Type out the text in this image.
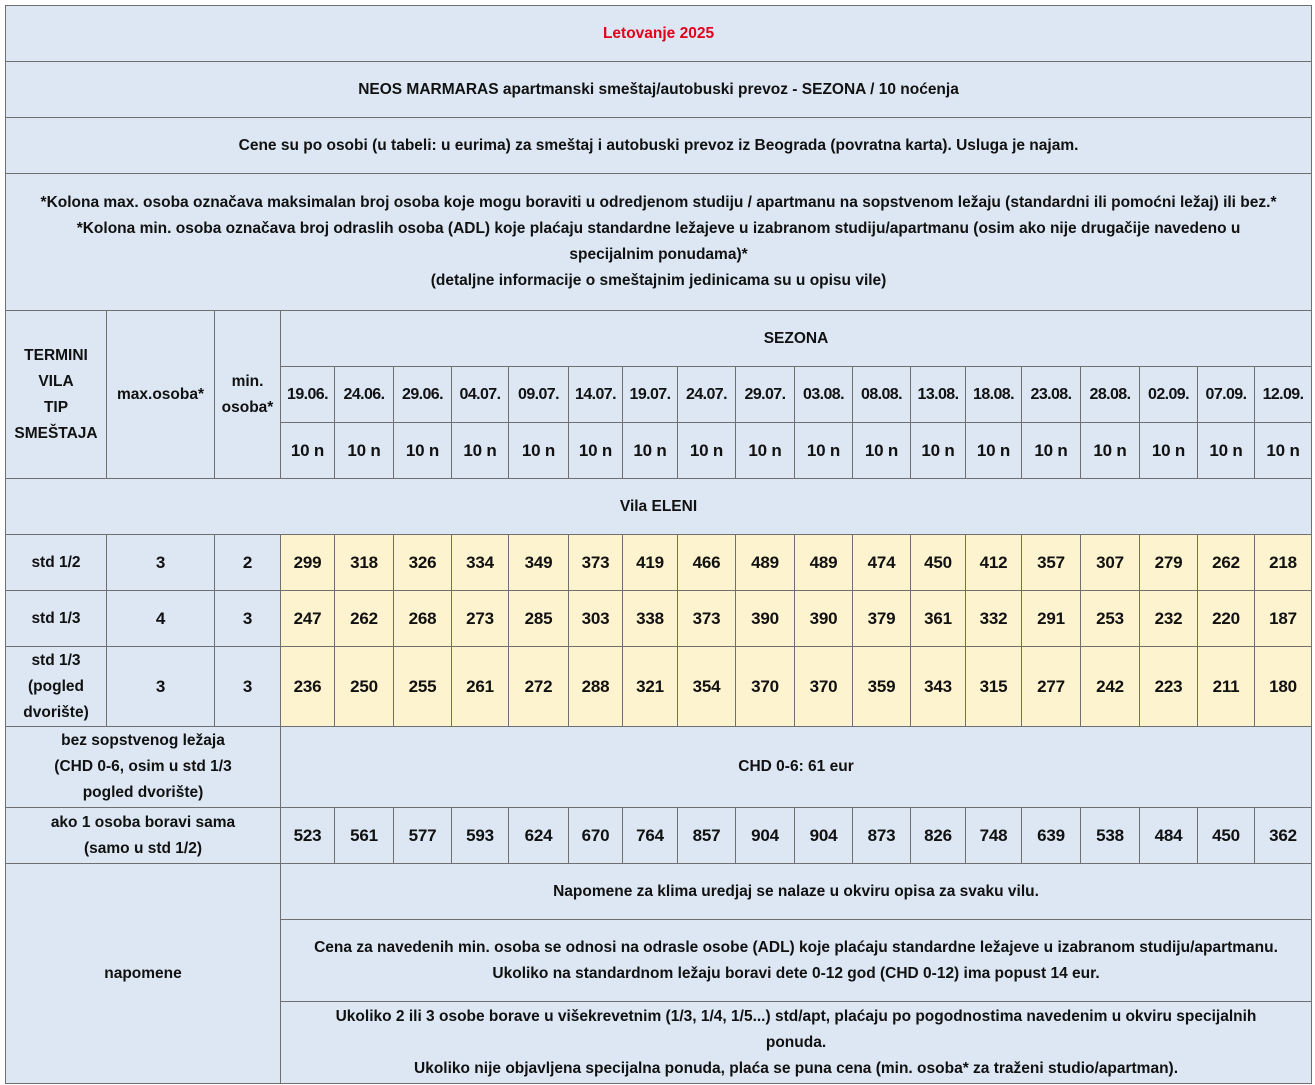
Letovanje 2025																				
NEOS MARMARAS apartmanski smeštaj/autobuski prevoz - SEZONA / 10 noćenja																				
Cene su po osobi (u tabeli: u eurima) za smeštaj i autobuski prevoz iz Beograda (povratna karta). Usluga je najam.																				

*Kolona max. osoba označava maksimalan broj osoba koje mogu boraviti u odredjenom studiju / apartmanu na sopstvenom ležaju (standardni ili pomoćni ležaj) ili bez.*
*Kolona min. osoba označava broj odraslih osoba (ADL) koje plaćaju standardne ležajeve u izabranom studiju/apartmanu (osim ako nije drugačije navedeno u specijalnim ponudama)*
(detaljne informacije o smeštajnim jedinicama su u opisu vile)																				

TERMINI
VILA
TIP
SMEŠTAJA	max.osoba*	min.
osoba*	SEZONA																	
			19.06.	24.06.	29.06.	04.07.	09.07.	14.07.	19.07.	24.07.	29.07.	03.08.	08.08.	13.08.	18.08.	23.08.	28.08.	02.09.	07.09.	12.09.
			10 n	10 n	10 n	10 n	10 n	10 n	10 n	10 n	10 n	10 n	10 n	10 n	10 n	10 n	10 n	10 n	10 n	10 n
Vila ELENI																				

std 1/2	3	2	299	318	326	334	349	373	419	466	489	489	474	450	412	357	307	279	262	218

std 1/3	4	3	247	262	268	273	285	303	338	373	390	390	379	361	332	291	253	232	220	187

std 1/3
(pogled
dvorište)	3	3	236	250	255	261	272	288	321	354	370	370	359	343	315	277	242	223	211	180

bez sopstvenog ležaja
(CHD 0-6, osim u std 1/3
pogled dvorište)			CHD 0-6: 61 eur																	

ako 1 osoba boravi sama
(samo u std 1/2)			523	561	577	593	624	670	764	857	904	904	873	826	748	639	538	484	450	362
napomene			Napomene za klima uredjaj se nalaze u okviru opisa za svaku vilu.																	

			Cena za navedenih min. osoba se odnosi na odrasle osobe (ADL) koje plaćaju standardne ležajeve u izabranom studiju/apartmanu.
Ukoliko na standardnom ležaju boravi dete 0-12 god (CHD 0-12) ima popust 14 eur.																	

			Ukoliko 2 ili 3 osobe borave u višekrevetnim (1/3, 1/4, 1/5...) std/apt, plaćaju po pogodnostima navedenim u okviru specijalnih ponuda.
Ukoliko nije objavljena specijalna ponuda, plaća se puna cena (min. osoba* za traženi studio/apartman).																	
